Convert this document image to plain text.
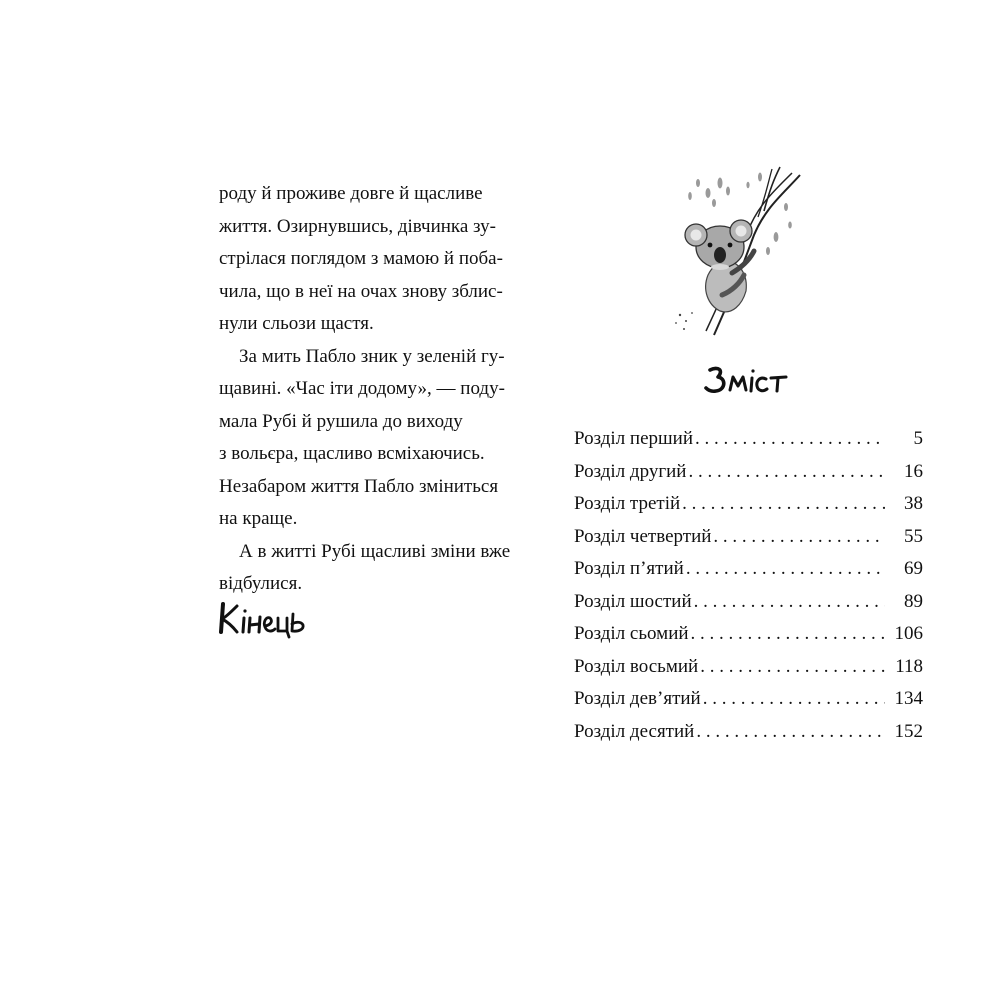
роду й проживе довге й щасливе
життя. Озирнувшись, дівчинка зу-
стрілася поглядом з мамою й поба-
чила, що в неї на очах знову зблис-
нули сльози щастя.

За мить Пабло зник у зеленій гу-
щавині. «Час іти додому», — поду-
мала Рубі й рушила до виходу
з вольєра, щасливо всміхаючись.
Незабаром життя Пабло зміниться
на краще.

А в житті Рубі щасливі зміни вже
відбулися.

Розділ перший . . .	5
Розділ другий . . .	16
Розділ третій . . .	38
Розділ четвертий . . .	55
Розділ п’ятий . . .	69
Розділ шостий . . .	89
Розділ сьомий . . .	106
Розділ восьмий . . .	118
Розділ дев’ятий . . .	134
Розділ десятий . . .	152
